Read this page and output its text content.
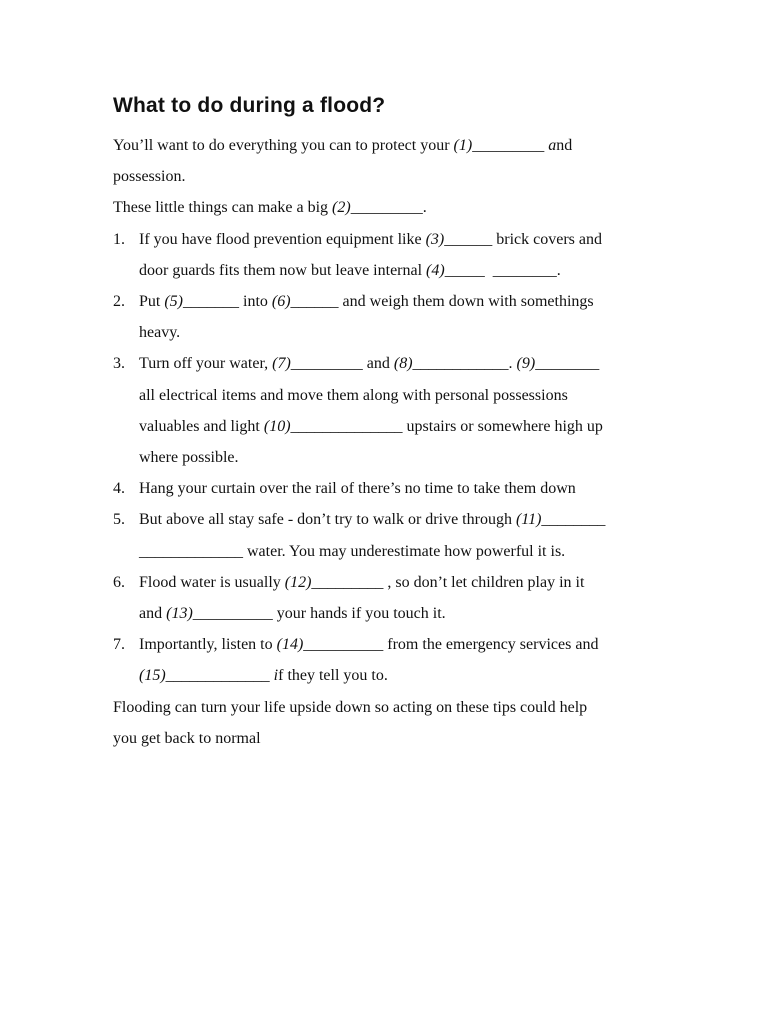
What to do during a flood?

You’ll want to do everything you can to protect your (1)_________ and
possession.

These little things can make a big (2)_________.

1. If you have flood prevention equipment like (3)______ brick covers and
door guards fits them now but leave internal (4)_____  ________.
2. Put (5)_______ into (6)______ and weigh them down with somethings
heavy.
3. Turn off your water, (7)_________ and (8)____________. (9)________
all electrical items and move them along with personal possessions
valuables and light (10)______________ upstairs or somewhere high up
where possible.
4. Hang your curtain over the rail of there’s no time to take them down
5. But above all stay safe - don’t try to walk or drive through (11)________
_____________ water. You may underestimate how powerful it is.
6. Flood water is usually (12)_________ , so don’t let children play in it
and (13)__________ your hands if you touch it.
7. Importantly, listen to (14)__________ from the emergency services and
(15)_____________ if they tell you to.

Flooding can turn your life upside down so acting on these tips could help
you get back to normal
